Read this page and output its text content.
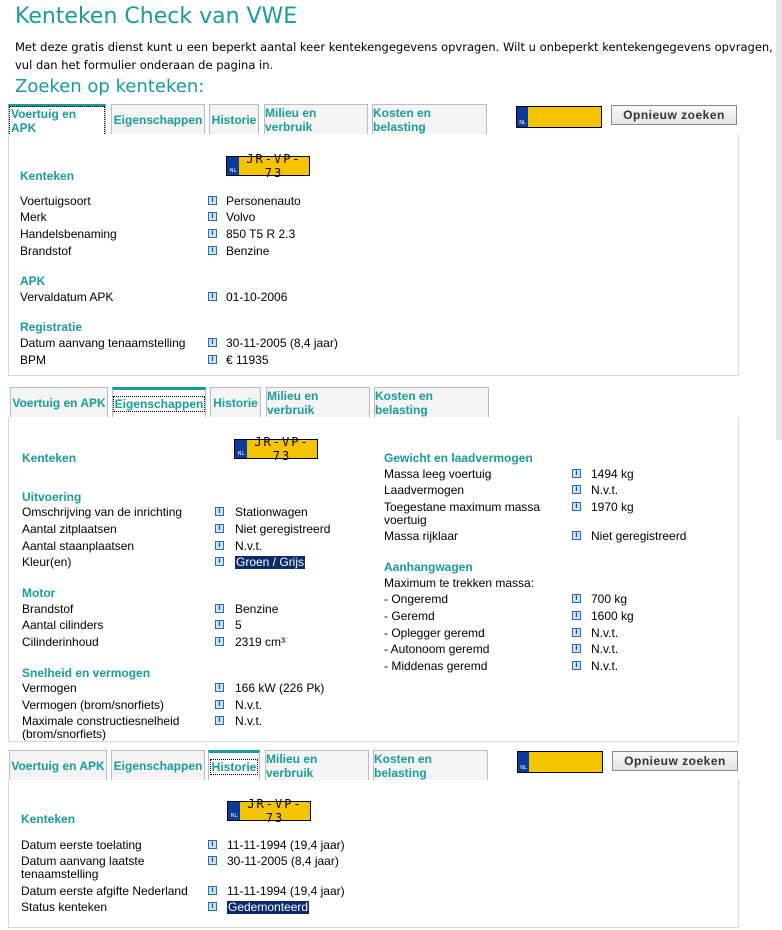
Kenteken Check van VWE

Met deze gratis dienst kunt u een beperkt aantal keer kentekengegevens opvragen. Wilt u onbeperkt kentekengegevens opvragen, vul dan het formulier onderaan de pagina in.

Zoeken op kenteken:
Voertuig en APK
Eigenschappen Historie Milieu en verbruik
Kosten en belasting	NL
Opnieuw zoeken
Kenteken	NL
JR-VP-73
Voertuigsoort	i Personenauto
Merk	i Volvo
Handelsbenaming	i 850 T5 R 2.3
Brandstof	i Benzine
APK
Vervaldatum APK	i 01-10-2006
Registratie
Datum aanvang tenaamstelling	i 30-11-2005 (8,4 jaar)
BPM	i € 11935
Voertuig en APK Eigenschappen Historie Milieu en verbruik
Kosten en belasting
Kenteken	NL
JR-VP-73
Uitvoering
Omschrijving van de inrichting	i Stationwagen
Aantal zitplaatsen	i Niet geregistreerd
Aantal staanplaatsen	i N.v.t.
Kleur(en)	i Groen / Grijs
Motor
Brandstof	i Benzine
Aantal cilinders	i 5
Cilinderinhoud	i 2319 cm³
Snelheid en vermogen
Vermogen	i 166 kW (226 Pk)
Vermogen (brom/snorfiets)	i N.v.t.
Maximale constructiesnelheid (brom/snorfiets)
i N.v.t.
Gewicht en laadvermogen
Massa leeg voertuig	i 1494 kg
Laadvermogen	i N.v.t.
Toegestane maximum massa voertuig
i 1970 kg
Massa rijklaar	i Niet geregistreerd
Aanhangwagen
Maximum te trekken massa:
- Ongeremd	i 700 kg
- Geremd	i 1600 kg
- Oplegger geremd	i N.v.t.
- Autonoom geremd	i N.v.t.
- Middenas geremd	i N.v.t.
Voertuig en APK Eigenschappen Historie
Milieu en verbruik
Kosten en belasting	NL	Opnieuw zoeken
Kenteken	NL
JR-VP-73
Datum eerste toelating	i 11-11-1994 (19,4 jaar)
Datum aanvang laatste tenaamstelling
i 30-11-2005 (8,4 jaar)
Datum eerste afgifte Nederland	i 11-11-1994 (19,4 jaar)
Status kenteken	i Gedemonteerd
